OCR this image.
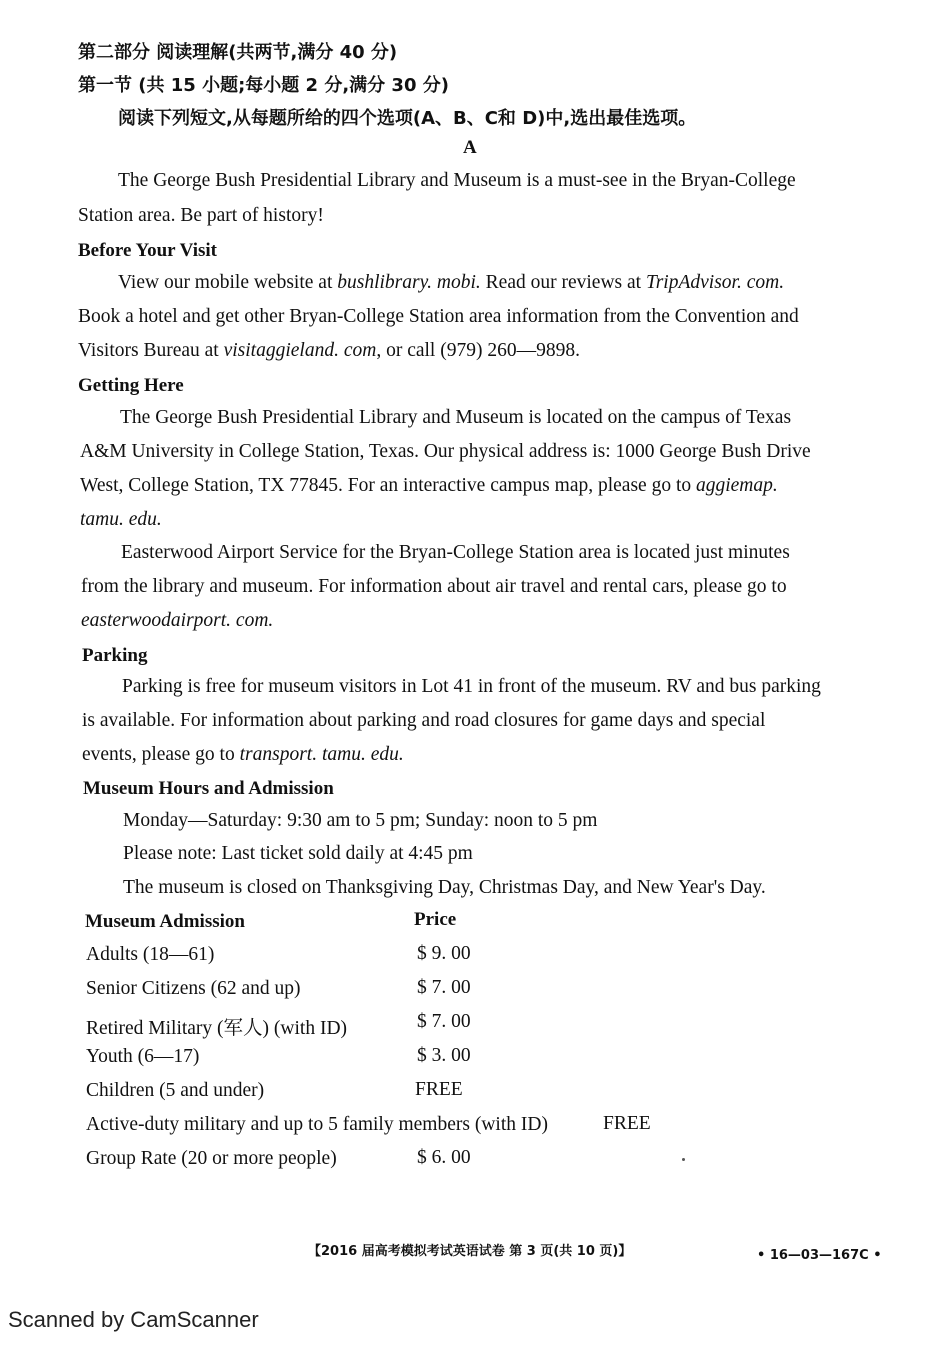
第二部分 阅读理解(共两节,满分 40 分)
第一节 (共 15 小题;每小题 2 分,满分 30 分)
阅读下列短文,从每题所给的四个选项(A、B、C和 D)中,选出最佳选项。
A
The George Bush Presidential Library and Museum is a must-see in the Bryan-College
Station area. Be part of history!
Before Your Visit
View our mobile website at bushlibrary. mobi. Read our reviews at TripAdvisor. com.
Book a hotel and get other Bryan-College Station area information from the Convention and
Visitors Bureau at visitaggieland. com, or call (979) 260—9898.
Getting Here
The George Bush Presidential Library and Museum is located on the campus of Texas
A&M University in College Station, Texas. Our physical address is: 1000 George Bush Drive
West, College Station, TX 77845. For an interactive campus map, please go to aggiemap.
tamu. edu.
Easterwood Airport Service for the Bryan-College Station area is located just minutes
from the library and museum. For information about air travel and rental cars, please go to
easterwoodairport. com.
Parking
Parking is free for museum visitors in Lot 41 in front of the museum. RV and bus parking
is available. For information about parking and road closures for game days and special
events, please go to transport. tamu. edu.
Museum Hours and Admission
Monday—Saturday: 9:30 am to 5 pm; Sunday: noon to 5 pm
Please note: Last ticket sold daily at 4:45 pm
The museum is closed on Thanksgiving Day, Christmas Day, and New Year's Day.
Museum Admission	Price
Adults (18—61)	$ 9. 00
Senior Citizens (62 and up)	$ 7. 00
Retired Military (军人) (with ID)	$ 7. 00
Youth (6—17)	$ 3. 00
Children (5 and under)	FREE
Active-duty military and up to 5 family members (with ID)	FREE
Group Rate (20 or more people)	$ 6. 00
【2016 届高考模拟考试英语试卷 第 3 页(共 10 页)】	• 16—03—167C •
Scanned by CamScanner
